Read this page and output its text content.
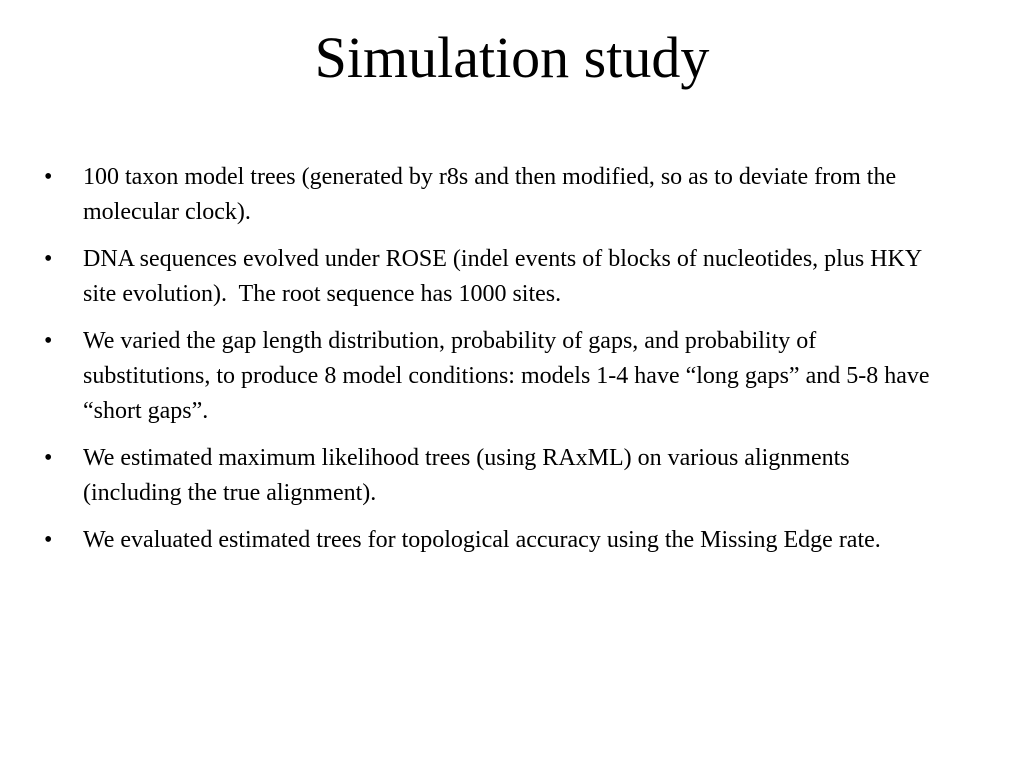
Simulation study
•	100 taxon model trees (generated by r8s and then modified, so as to deviate from the molecular clock).
•	DNA sequences evolved under ROSE (indel events of blocks of nucleotides, plus HKY site evolution).  The root sequence has 1000 sites.
•	We varied the gap length distribution, probability of gaps, and probability of substitutions, to produce 8 model conditions: models 1-4 have “long gaps” and 5-8 have “short gaps”.
•	We estimated maximum likelihood trees (using RAxML) on various alignments (including the true alignment).
•	We evaluated estimated trees for topological accuracy using the Missing Edge rate.
